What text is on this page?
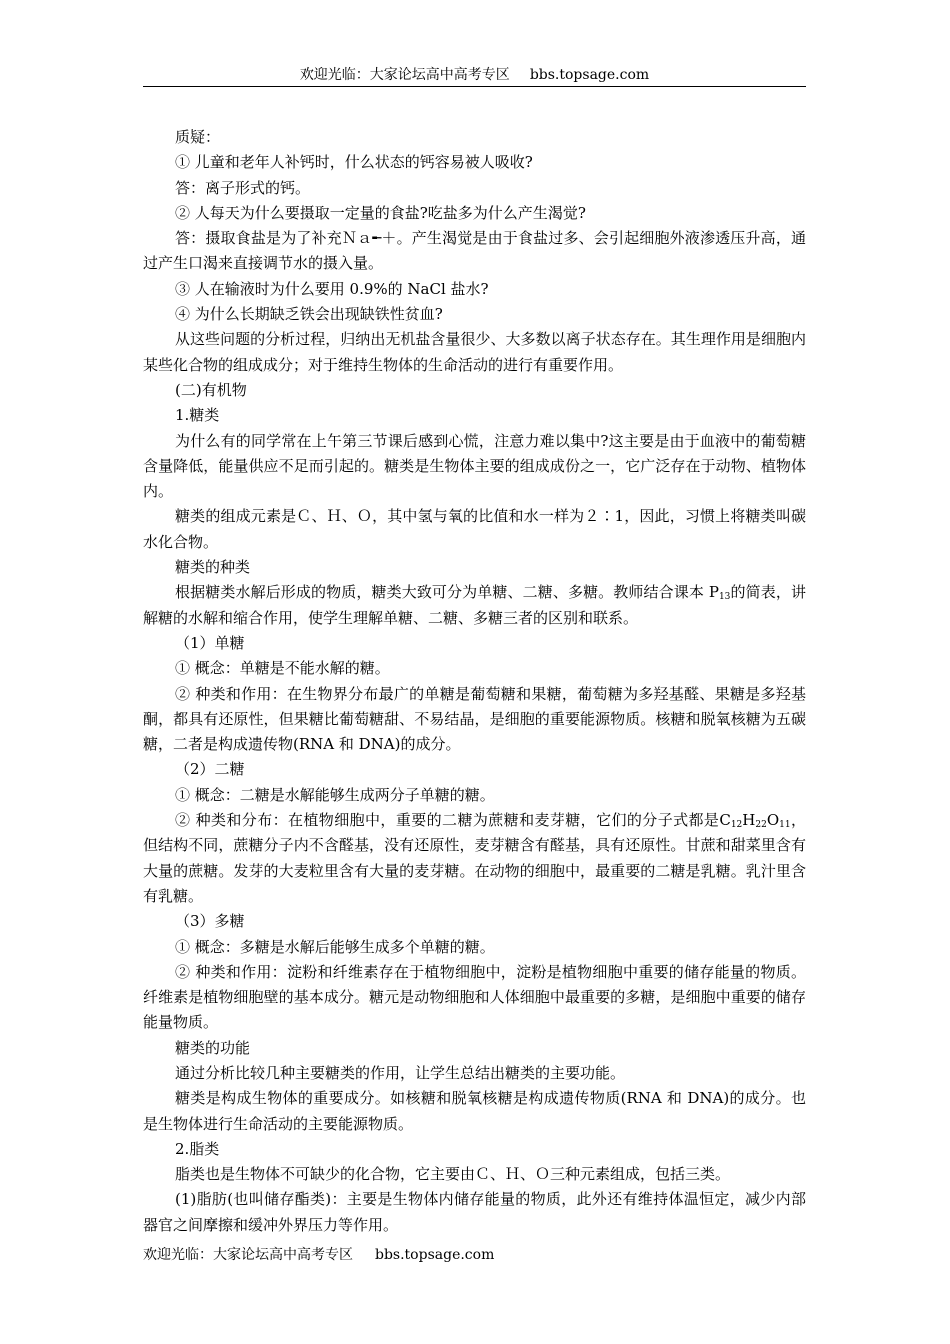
欢迎光临：大家论坛高中高考专区 bbs.topsage.com

质疑：

① 儿童和老年人补钙时，什么状态的钙容易被人吸收?

答：离子形式的钙。

② 人每天为什么要摄取一定量的食盐?吃盐多为什么产生渴觉?

答：摄取食盐是为了补充Ｎａ╾＋。产生渴觉是由于食盐过多、会引起细胞外液渗透压升高，通过产生口渴来直接调节水的摄入量。

③ 人在输液时为什么要用 0.9%的 NaCl 盐水?

④ 为什么长期缺乏铁会出现缺铁性贫血?

从这些问题的分析过程，归纳出无机盐含量很少、大多数以离子状态存在。其生理作用是细胞内某些化合物的组成成分；对于维持生物体的生命活动的进行有重要作用。

(二)有机物

1.糖类

为什么有的同学常在上午第三节课后感到心慌，注意力难以集中?这主要是由于血液中的葡萄糖含量降低，能量供应不足而引起的。糖类是生物体主要的组成成份之一，它广泛存在于动物、植物体内。

糖类的组成元素是Ｃ、Ｈ、Ｏ，其中氢与氧的比值和水一样为２∶1，因此，习惯上将糖类叫碳水化合物。

糖类的种类

根据糖类水解后形成的物质，糖类大致可分为单糖、二糖、多糖。教师结合课本 $P_{13}$的简表，讲解糖的水解和缩合作用，使学生理解单糖、二糖、多糖三者的区别和联系。

（1）单糖

① 概念：单糖是不能水解的糖。

② 种类和作用：在生物界分布最广的单糖是葡萄糖和果糖，葡萄糖为多羟基醛、果糖是多羟基酮，都具有还原性，但果糖比葡萄糖甜、不易结晶，是细胞的重要能源物质。核糖和脱氧核糖为五碳糖，二者是构成遗传物(RNA 和 DNA)的成分。

（2）二糖

① 概念：二糖是水解能够生成两分子单糖的糖。

② 种类和分布：在植物细胞中，重要的二糖为蔗糖和麦芽糖，它们的分子式都是$C_{12}H_{22}O_{11}$，但结构不同，蔗糖分子内不含醛基，没有还原性，麦芽糖含有醛基，具有还原性。甘蔗和甜菜里含有大量的蔗糖。发芽的大麦粒里含有大量的麦芽糖。在动物的细胞中，最重要的二糖是乳糖。乳汁里含有乳糖。

（3）多糖

① 概念：多糖是水解后能够生成多个单糖的糖。

② 种类和作用：淀粉和纤维素存在于植物细胞中，淀粉是植物细胞中重要的储存能量的物质。纤维素是植物细胞壁的基本成分。糖元是动物细胞和人体细胞中最重要的多糖，是细胞中重要的储存能量物质。

糖类的功能

通过分析比较几种主要糖类的作用，让学生总结出糖类的主要功能。

糖类是构成生物体的重要成分。如核糖和脱氧核糖是构成遗传物质(RNA 和 DNA)的成分。也是生物体进行生命活动的主要能源物质。

2.脂类

脂类也是生物体不可缺少的化合物，它主要由Ｃ、Ｈ、Ｏ三种元素组成，包括三类。

(1)脂肪(也叫储存酯类)：主要是生物体内储存能量的物质，此外还有维持体温恒定，减少内部器官之间摩擦和缓冲外界压力等作用。

欢迎光临：大家论坛高中高考专区 bbs.topsage.com
